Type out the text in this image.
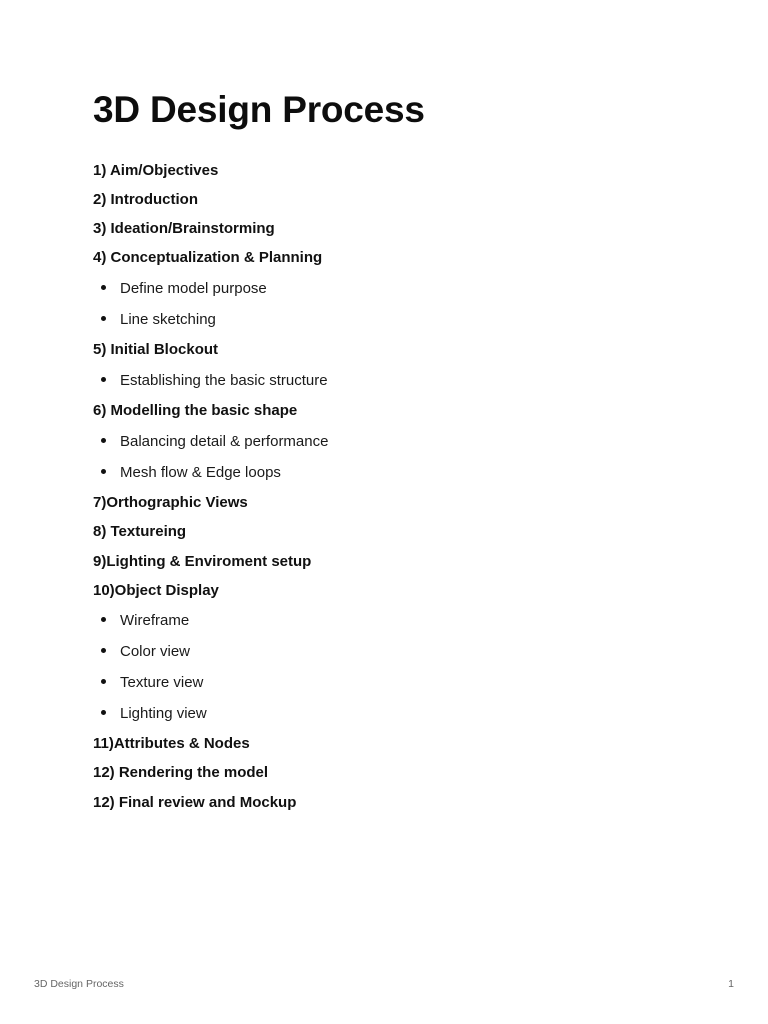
3D Design Process
1) Aim/Objectives
2) Introduction
3) Ideation/Brainstorming
4) Conceptualization & Planning
Define model purpose
Line sketching
5) Initial Blockout
Establishing the basic structure
6) Modelling the basic shape
Balancing detail & performance
Mesh flow & Edge loops
7)Orthographic Views
8) Textureing
9)Lighting & Enviroment setup
10)Object Display
Wireframe
Color view
Texture view
Lighting view
11)Attributes & Nodes
12) Rendering the model
12) Final review and Mockup
3D Design Process	1
